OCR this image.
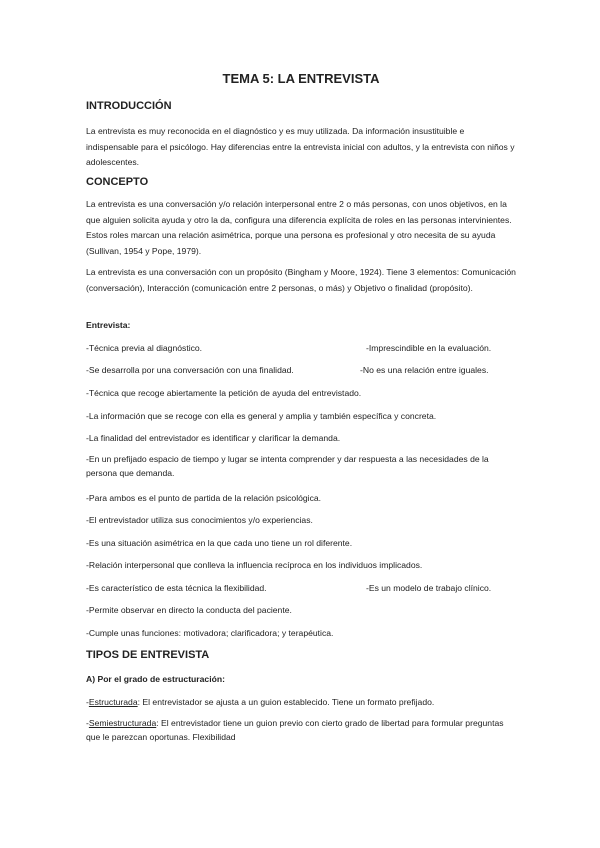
TEMA 5: LA ENTREVISTA
INTRODUCCIÓN

La entrevista es muy reconocida en el diagnóstico y es muy utilizada. Da información insustituible e indispensable para el psicólogo. Hay diferencias entre la entrevista inicial con adultos, y la entrevista con niños y adolescentes.

CONCEPTO

La entrevista es una conversación y/o relación interpersonal entre 2 o más personas, con unos objetivos, en la que alguien solicita ayuda y otro la da, configura una diferencia explícita de roles en las personas intervinientes. Estos roles marcan una relación asimétrica, porque una persona es profesional y otro necesita de su ayuda (Sullivan, 1954 y Pope, 1979).

La entrevista es una conversación con un propósito (Bingham y Moore, 1924). Tiene 3 elementos: Comunicación (conversación), Interacción (comunicación entre 2 personas, o más) y Objetivo o finalidad (propósito).

Entrevista:

-Técnica previa al diagnóstico.	-Imprescindible en la evaluación.

-Se desarrolla por una conversación con una finalidad.	-No es una relación entre iguales.

-Técnica que recoge abiertamente la petición de ayuda del entrevistado.

-La información que se recoge con ella es general y amplia y también específica y concreta.

-La finalidad del entrevistador es identificar y clarificar la demanda.

-En un prefijado espacio de tiempo y lugar se intenta comprender y dar respuesta a las necesidades de la persona que demanda.

-Para ambos es el punto de partida de la relación psicológica.

-El entrevistador utiliza sus conocimientos y/o experiencias.

-Es una situación asimétrica en la que cada uno tiene un rol diferente.

-Relación interpersonal que conlleva la influencia recíproca en los individuos implicados.

-Es característico de esta técnica la flexibilidad.	-Es un modelo de trabajo clínico.

-Permite observar en directo la conducta del paciente.

-Cumple unas funciones: motivadora; clarificadora; y terapéutica.

TIPOS DE ENTREVISTA

A) Por el grado de estructuración:

-Estructurada: El entrevistador se ajusta a un guion establecido. Tiene un formato prefijado.

-Semiestructurada: El entrevistador tiene un guion previo con cierto grado de libertad para formular preguntas que le parezcan oportunas. Flexibilidad
